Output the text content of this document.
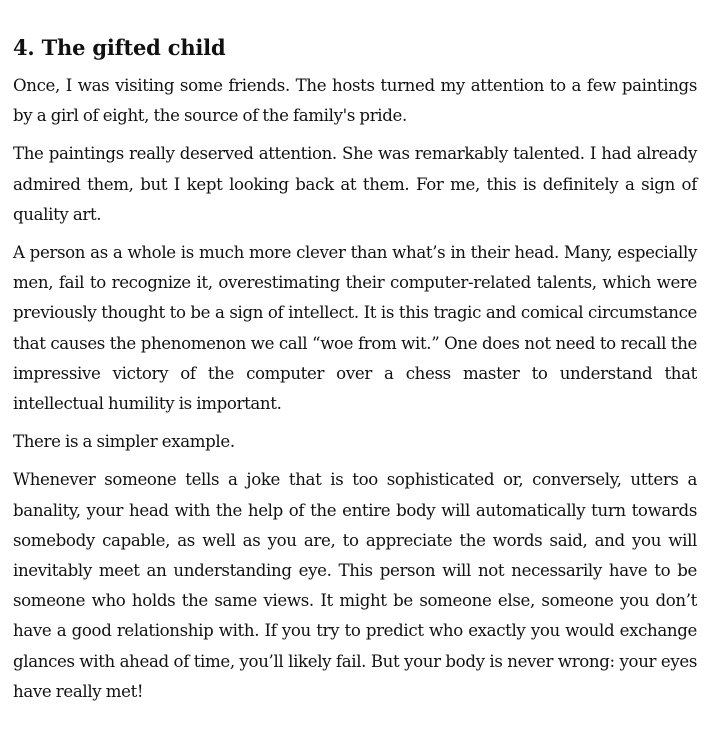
4. The gifted child

Once, I was visiting some friends. The hosts turned my attention to a few paintings by a girl of eight, the source of the family's pride.

The paintings really deserved attention. She was remarkably talented. I had already admired them, but I kept looking back at them. For me, this is definitely a sign of quality art.

A person as a whole is much more clever than what’s in their head. Many, especially men, fail to recognize it, overestimating their computer-related talents, which were previously thought to be a sign of intellect. It is this tragic and comical circumstance that causes the phenomenon we call “woe from wit.” One does not need to recall the impressive victory of the computer over a chess master to understand that intellectual humility is important.

There is a simpler example.

Whenever someone tells a joke that is too sophisticated or, conversely, utters a banality, your head with the help of the entire body will automatically turn towards somebody capable, as well as you are, to appreciate the words said, and you will inevitably meet an understanding eye. This person will not necessarily have to be someone who holds the same views. It might be someone else, someone you don’t have a good relationship with. If you try to predict who exactly you would exchange glances with ahead of time, you’ll likely fail. But your body is never wrong: your eyes have really met!
